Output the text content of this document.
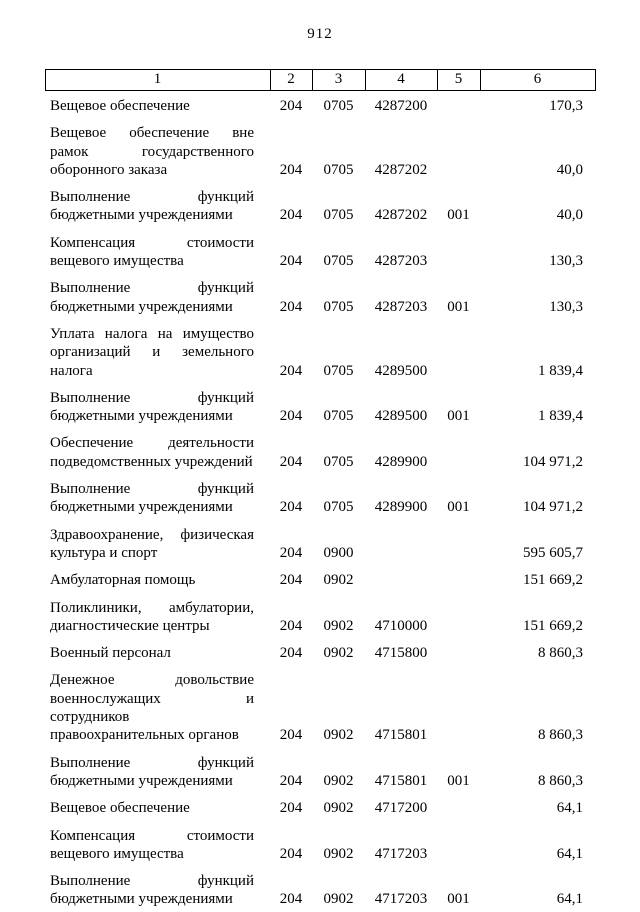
912
1	2	3	4	5	6
Вещевое обеспечение	204	0705	4287200		170,3
Вещевое обеспечение вне рамок государственного оборонного заказа	204	0705	4287202		40,0
Выполнение функций бюджетными учреждениями	204	0705	4287202	001	40,0
Компенсация стоимости вещевого имущества	204	0705	4287203		130,3
Выполнение функций бюджетными учреждениями	204	0705	4287203	001	130,3
Уплата налога на имущество организаций и земельного налога	204	0705	4289500		1 839,4
Выполнение функций бюджетными учреждениями	204	0705	4289500	001	1 839,4
Обеспечение деятельности подведомственных учреждений	204	0705	4289900		104 971,2
Выполнение функций бюджетными учреждениями	204	0705	4289900	001	104 971,2
Здравоохранение, физическая культура и спорт	204	0900			595 605,7
Амбулаторная помощь	204	0902			151 669,2
Поликлиники, амбулатории, диагностические центры	204	0902	4710000		151 669,2
Военный персонал	204	0902	4715800		8 860,3
Денежное довольствие военнослужащих и сотрудников правоохранительных органов	204	0902	4715801		8 860,3
Выполнение функций бюджетными учреждениями	204	0902	4715801	001	8 860,3
Вещевое обеспечение	204	0902	4717200		64,1
Компенсация стоимости вещевого имущества	204	0902	4717203		64,1
Выполнение функций бюджетными учреждениями	204	0902	4717203	001	64,1
